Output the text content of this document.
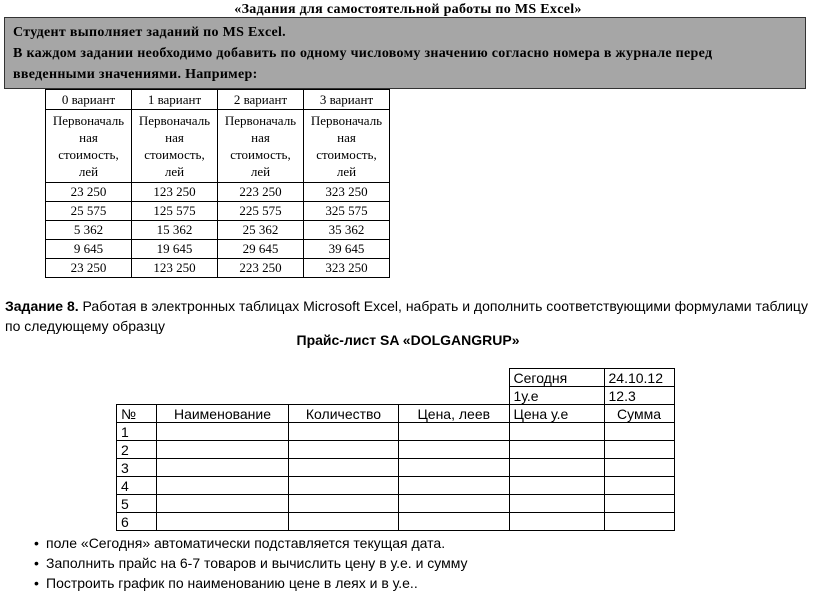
«Задания для самостоятельной работы по MS Excel»
Студент выполняет заданий по MS Excel.
В каждом задании необходимо добавить по одному числовому значению согласно номера в журнале перед
введенными значениями. Например:
0 вариант	1 вариант	2 вариант	3 вариант
Первоначаль
ная
стоимость,
лей	Первоначаль
ная
стоимость,
лей	Первоначаль
ная
стоимость,
лей	Первоначаль
ная
стоимость,
лей
23 250	123 250	223 250	323 250
25 575	125 575	225 575	325 575
5 362	15 362	25 362	35 362
9 645	19 645	29 645	39 645
23 250	123 250	223 250	323 250
Задание 8. Работая в электронных таблицах Microsoft Excel, набрать и дополнить соответствующими формулами таблицу по следующему образцу
Прайс-лист SA «DOLGANGRUP»
				Сегодня	24.10.12
				1у.е	12.3
№	Наименование	Количество	Цена, леев	Цена у.е	Сумма
1					
2					
3					
4					
5					
6					
• поле «Сегодня» автоматически подставляется текущая дата.
• Заполнить прайс на 6-7 товаров и вычислить цену в у.е. и сумму
• Построить график по наименованию цене в леях и в у.е..
